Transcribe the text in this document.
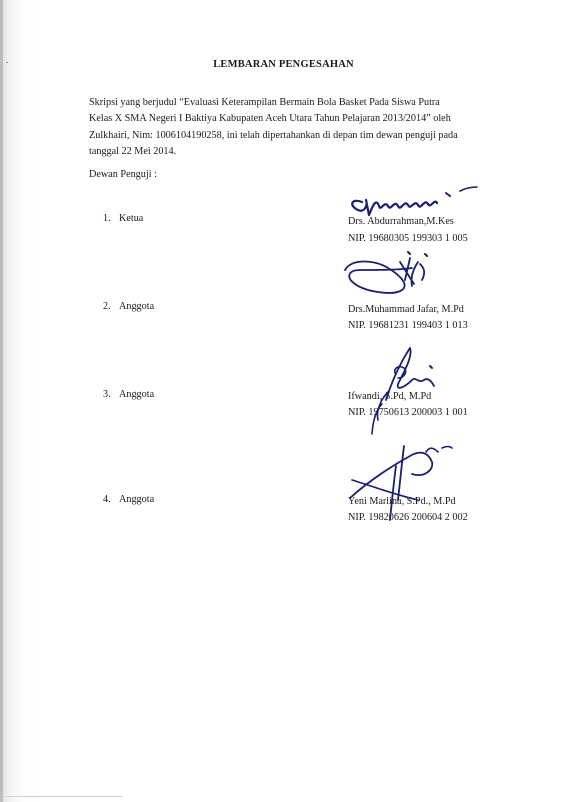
LEMBARAN PENGESAHAN
Skripsi yang berjudul “Evaluasi Keterampilan Bermain Bola Basket Pada Siswa Putra
Kelas X SMA Negeri I Baktiya Kabupaten Aceh Utara Tahun Pelajaran 2013/2014” oleh
Zulkhairi, Nim: 1006104190258, ini telah dipertahankan di depan tim dewan penguji pada
tanggal 22 Mei 2014.
Dewan Penguji :
1. Ketua	Drs. Abdurrahman,M.Kes
NIP. 19680305 199303 1 005
2. Anggota	Drs.Muhammad Jafar, M.Pd
NIP. 19681231 199403 1 013
3. Anggota	Ifwandi, S.Pd, M.Pd
NIP. 19750613 200003 1 001
4. Anggota	Yeni Marlina, S.Pd., M.Pd
NIP. 19820626 200604 2 002
